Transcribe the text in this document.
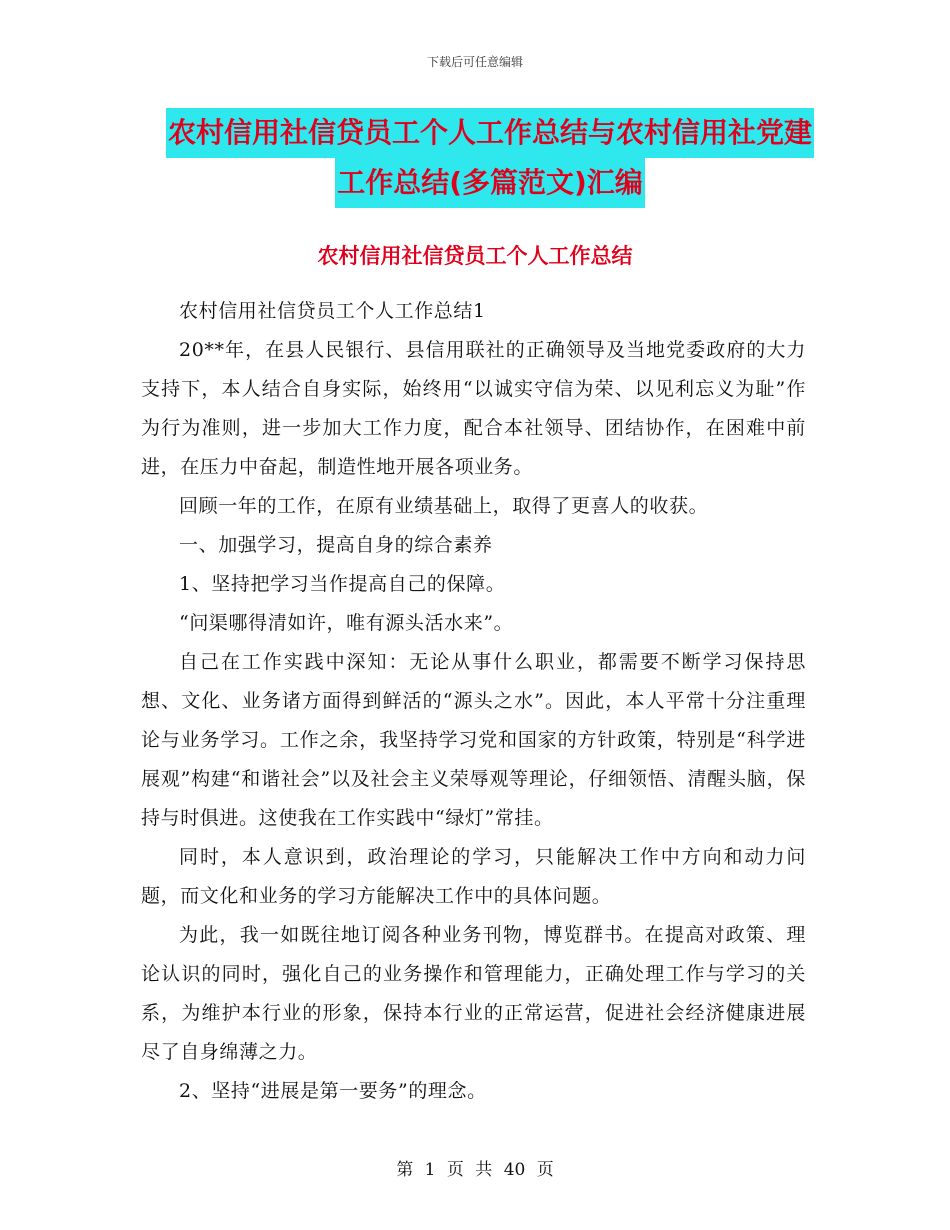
下载后可任意编辑
农村信用社信贷员工个人工作总结与农村信用社党建
工作总结(多篇范文)汇编
农村信用社信贷员工个人工作总结

农村信用社信贷员工个人工作总结1

20**年，在县人民银行、县信用联社的正确领导及当地党委政府的大力支持下，本人结合自身实际，始终用“以诚实守信为荣、以见利忘义为耻”作为行为准则，进一步加大工作力度，配合本社领导、团结协作，在困难中前进，在压力中奋起，制造性地开展各项业务。

回顾一年的工作，在原有业绩基础上，取得了更喜人的收获。

一、加强学习，提高自身的综合素养

1、坚持把学习当作提高自己的保障。

“问渠哪得清如许，唯有源头活水来”。

自己在工作实践中深知：无论从事什么职业，都需要不断学习保持思想、文化、业务诸方面得到鲜活的“源头之水”。因此，本人平常十分注重理论与业务学习。工作之余，我坚持学习党和国家的方针政策，特别是“科学进展观”构建“和谐社会”以及社会主义荣辱观等理论，仔细领悟、清醒头脑，保持与时俱进。这使我在工作实践中“绿灯”常挂。

同时，本人意识到，政治理论的学习，只能解决工作中方向和动力问题，而文化和业务的学习方能解决工作中的具体问题。

为此，我一如既往地订阅各种业务刊物，博览群书。在提高对政策、理论认识的同时，强化自己的业务操作和管理能力，正确处理工作与学习的关系，为维护本行业的形象，保持本行业的正常运营，促进社会经济健康进展尽了自身绵薄之力。

2、坚持“进展是第一要务”的理念。

第 1 页 共 40 页
